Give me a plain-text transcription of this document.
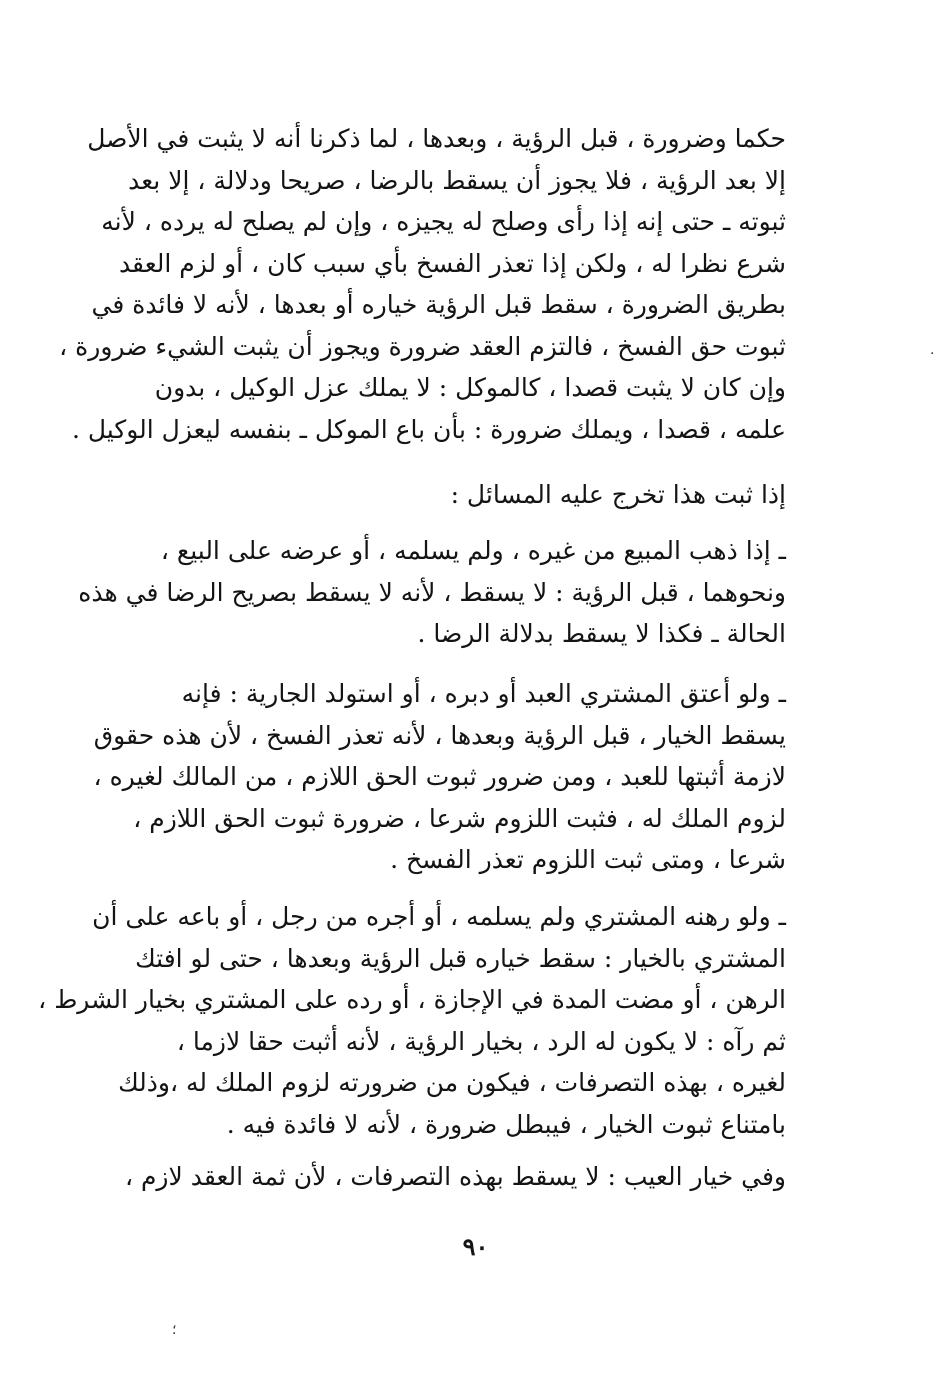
حكما وضرورة ، قبل الرؤية ، وبعدها ، لما ذكرنا أنه لا يثبت في الأصل
إلا بعد الرؤية ، فلا يجوز أن يسقط بالرضا ، صريحا ودلالة ، إلا بعد
ثبوته ـ حتى إنه إذا رأى وصلح له يجيزه ، وإن لم يصلح له يرده ، لأنه
شرع نظرا له ، ولكن إذا تعذر الفسخ بأي سبب كان ، أو لزم العقد
بطريق الضرورة ، سقط قبل الرؤية خياره أو بعدها ، لأنه لا فائدة في
ثبوت حق الفسخ ، فالتزم العقد ضرورة ويجوز أن يثبت الشيء ضرورة ،
وإن كان لا يثبت قصدا ، كالموكل : لا يملك عزل الوكيل ، بدون
علمه ، قصدا ، ويملك ضرورة : بأن باع الموكل ـ بنفسه ليعزل الوكيل .
إذا ثبت هذا تخرج عليه المسائل :
ـ إذا ذهب المبيع من غيره ، ولم يسلمه ، أو عرضه على البيع ،
ونحوهما ، قبل الرؤية : لا يسقط ، لأنه لا يسقط بصريح الرضا في هذه
الحالة ـ فكذا لا يسقط بدلالة الرضا .
ـ ولو أعتق المشتري العبد أو دبره ، أو استولد الجارية : فإنه
يسقط الخيار ، قبل الرؤية وبعدها ، لأنه تعذر الفسخ ، لأن هذه حقوق
لازمة أثبتها للعبد ، ومن ضرور ثبوت الحق اللازم ، من المالك لغيره ،
لزوم الملك له ، فثبت اللزوم شرعا ، ضرورة ثبوت الحق اللازم ،
شرعا ، ومتى ثبت اللزوم تعذر الفسخ .
ـ ولو رهنه المشتري ولم يسلمه ، أو أجره من رجل ، أو باعه على أن
المشتري بالخيار : سقط خياره قبل الرؤية وبعدها ، حتى لو افتك
الرهن ، أو مضت المدة في الإجازة ، أو رده على المشتري بخيار الشرط ،
ثم رآه : لا يكون له الرد ، بخيار الرؤية ، لأنه أثبت حقا لازما ،
لغيره ، بهذه التصرفات ، فيكون من ضرورته لزوم الملك له ،وذلك
بامتناع ثبوت الخيار ، فيبطل ضرورة ، لأنه لا فائدة فيه .
وفي خيار العيب : لا يسقط بهذه التصرفات ، لأن ثمة العقد لازم ،
٩٠
·
؛
